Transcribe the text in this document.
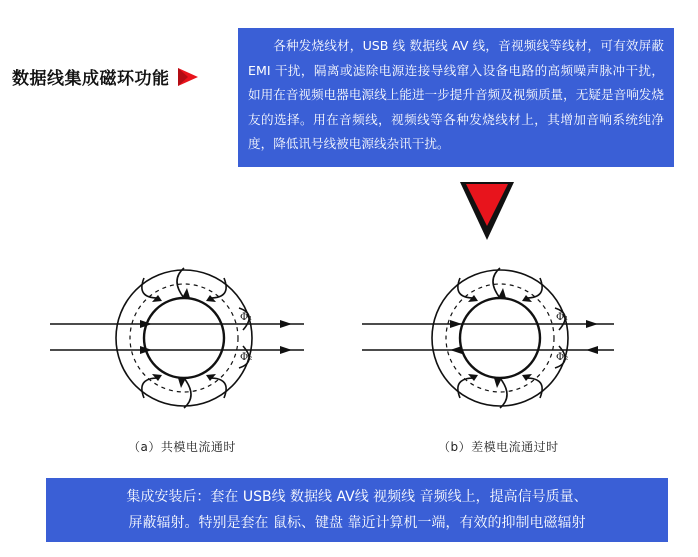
数据线集成磁环功能
各种发烧线材，USB 线 数据线 AV 线，音视频线等线材，可有效屏蔽 EMI 干扰，隔离或滤除电源连接导线窜入设备电路的高频噪声脉冲干扰，如用在音视频电器电源线上能进一步提升音频及视频质量，无疑是音响发烧友的选择。用在音频线，视频线等各种发烧线材上，其增加音响系统纯净度，降低讯号线被电源线杂讯干扰。
Φ₁
Φ₂
Φ₁
Φ₂
（a）共模电流通时	（b）差模电流通过时
集成安装后：套在 USB线 数据线 AV线 视频线 音频线上，提高信号质量、
屏蔽辐射。特别是套在 鼠标、键盘 靠近计算机一端，有效的抑制电磁辐射
